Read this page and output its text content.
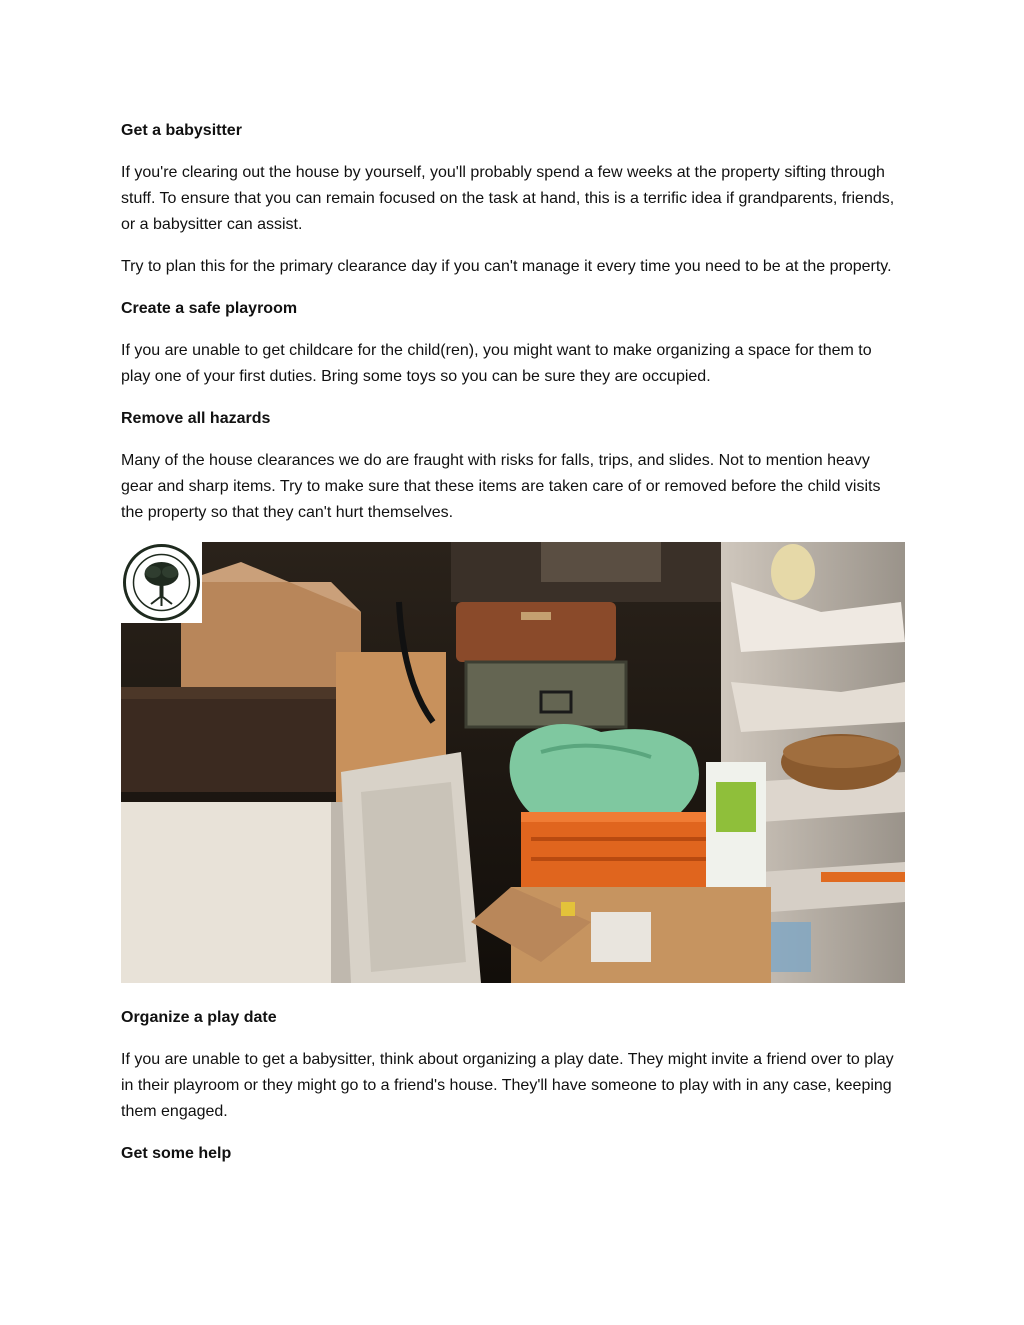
Get a babysitter

If you're clearing out the house by yourself, you'll probably spend a few weeks at the property sifting through stuff. To ensure that you can remain focused on the task at hand, this is a terrific idea if grandparents, friends, or a babysitter can assist.

Try to plan this for the primary clearance day if you can't manage it every time you need to be at the property.

Create a safe playroom

If you are unable to get childcare for the child(ren), you might want to make organizing a space for them to play one of your first duties. Bring some toys so you can be sure they are occupied.

Remove all hazards

Many of the house clearances we do are fraught with risks for falls, trips, and slides. Not to mention heavy gear and sharp items. Try to make sure that these items are taken care of or removed before the child visits the property so that they can't hurt themselves.

Organize a play date

If you are unable to get a babysitter, think about organizing a play date. They might invite a friend over to play in their playroom or they might go to a friend's house. They'll have someone to play with in any case, keeping them engaged.

Get some help
